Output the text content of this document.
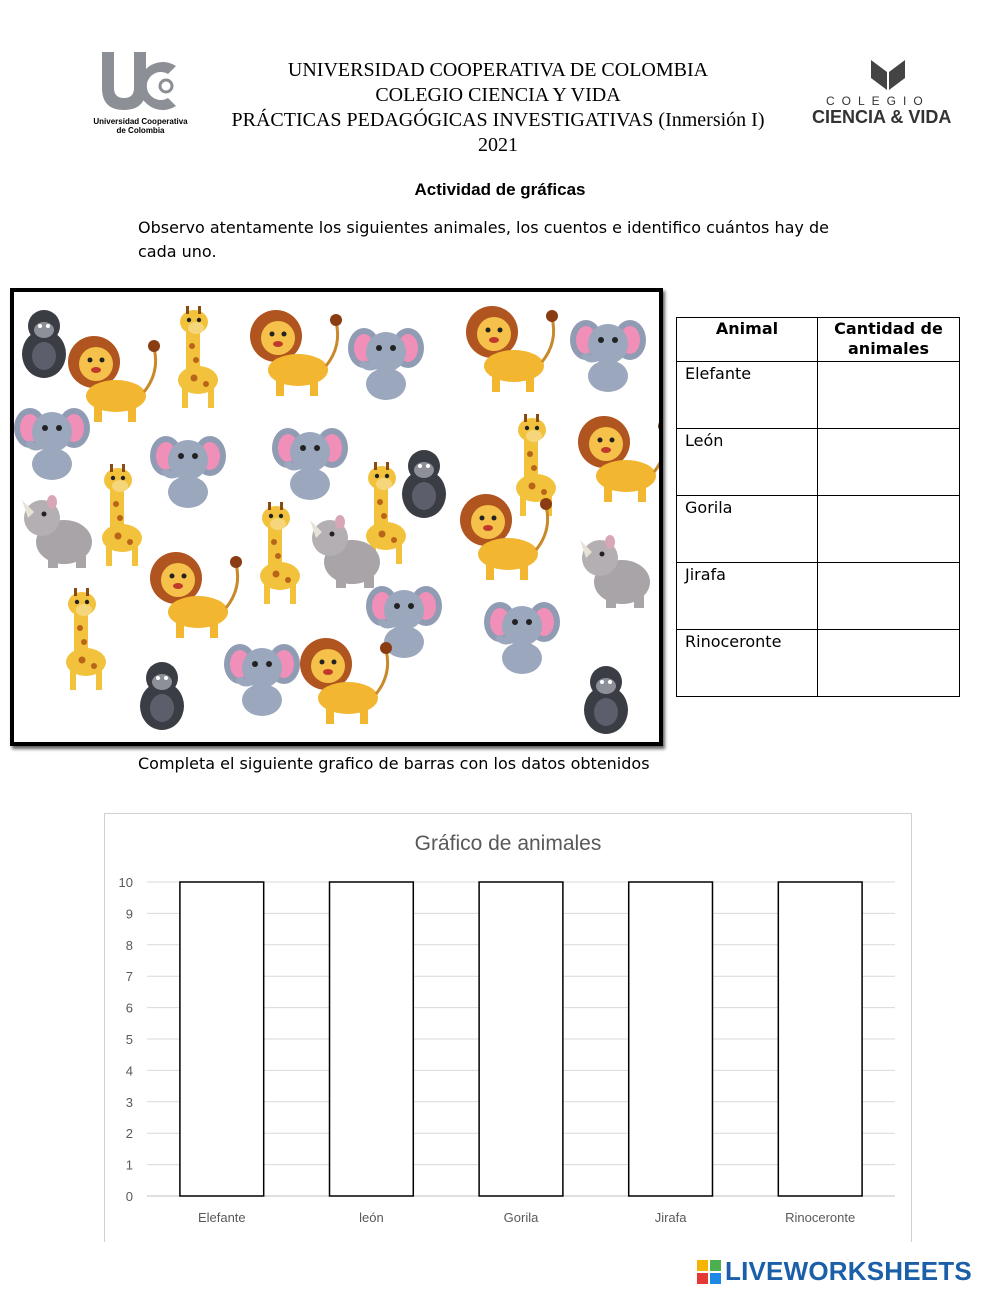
Universidad Cooperativa de Colombia
UNIVERSIDAD COOPERATIVA DE COLOMBIA
COLEGIO CIENCIA Y VIDA
PRÁCTICAS PEDAGÓGICAS INVESTIGATIVAS (Inmersión I)
2021
COLEGIO
CIENCIA & VIDA
Actividad de gráficas
Observo atentamente los siguientes animales, los cuentos e identifico cuántos hay de cada uno.
Animal	Cantidad de animales
Elefante	
León	
Gorila	
Jirafa	
Rinoceronte	
Completa el siguiente grafico de barras con los datos obtenidos
Gráfico de animales
0
1
2
3
4
5
6
7
8
9
10
Elefante	león	Gorila	Jirafa	Rinoceronte
LIVEWORKSHEETS
